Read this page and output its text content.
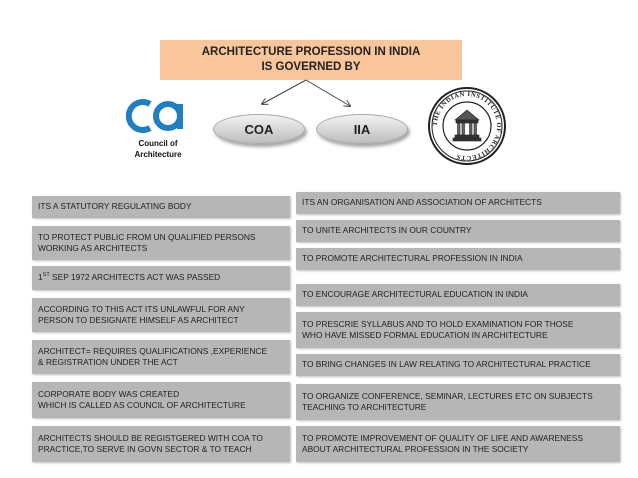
ARCHITECTURE PROFESSION IN INDIA
IS GOVERNED BY
COA	IIA
ca
Council of
Architecture
THE INDIAN INSTITUTE OF ARCHITECTS
ITS A STATUTORY REGULATING BODY
TO PROTECT PUBLIC FROM UN QUALIFIED PERSONS
WORKING AS ARCHITECTS
1ST SEP 1972 ARCHITECTS ACT WAS PASSED
ACCORDING TO THIS ACT ITS UNLAWFUL FOR ANY
PERSON TO DESIGNATE HIMSELF AS ARCHITECT
ARCHITECT= REQUIRES QUALIFICATIONS ,EXPERIENCE
& REGISTRATION UNDER THE ACT
CORPORATE BODY WAS CREATED
WHICH IS CALLED AS COUNCIL OF ARCHITECTURE
ARCHITECTS SHOULD BE REGISTGERED WITH COA TO
PRACTICE,TO SERVE IN GOVN SECTOR & TO TEACH
ITS AN ORGANISATION AND ASSOCIATION OF ARCHITECTS
TO UNITE ARCHITECTS IN OUR COUNTRY
TO PROMOTE ARCHITECTURAL PROFESSION IN INDIA
TO ENCOURAGE ARCHITECTURAL EDUCATION IN INDIA
TO PRESCRIE SYLLABUS AND TO HOLD EXAMINATION FOR THOSE
WHO HAVE MISSED FORMAL EDUCATION IN ARCHITECTURE
TO BRING CHANGES IN LAW RELATING TO ARCHITECTURAL PRACTICE
TO ORGANIZE CONFERENCE, SEMINAR, LECTURES ETC ON SUBJECTS
TEACHING TO ARCHITECTURE
TO PROMOTE IMPROVEMENT OF QUALITY OF LIFE AND AWARENESS
ABOUT ARCHITECTURAL PROFESSION IN THE SOCIETY
